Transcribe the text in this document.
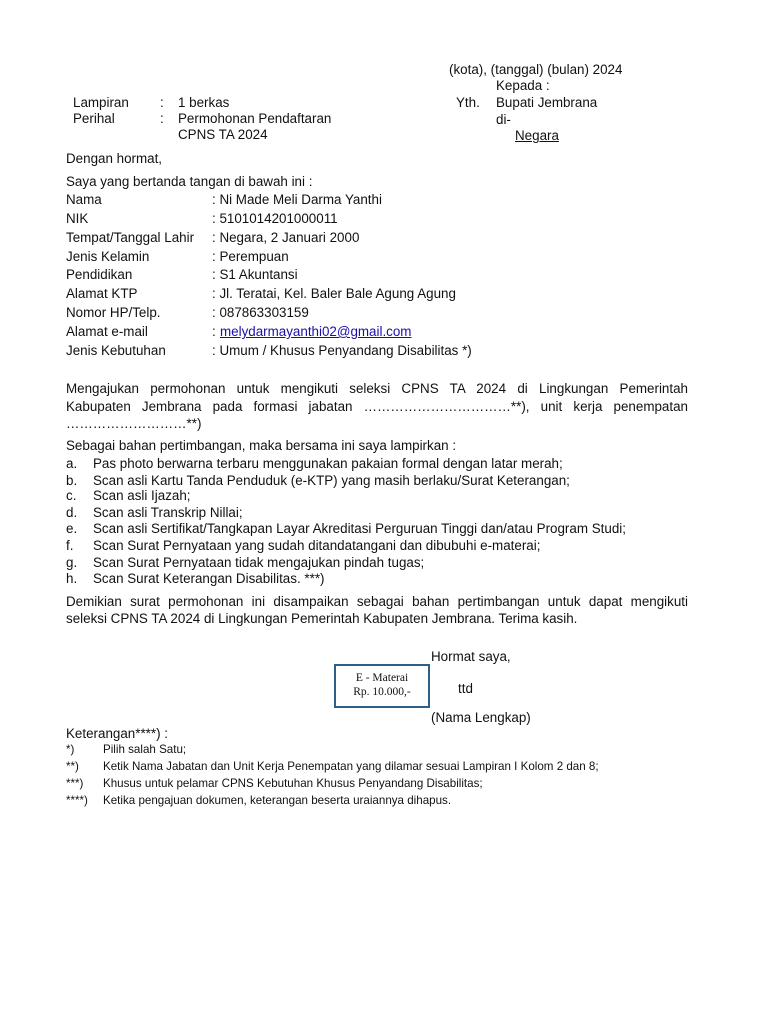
(kota), (tanggal) (bulan) 2024
Kepada :
Yth. Bupati Jembrana
di-
Negara
Lampiran : 1 berkas
Perihal	: Permohonan Pendaftaran
CPNS TA 2024
Dengan hormat,
Saya yang bertanda tangan di bawah ini :
Nama	: Ni Made Meli Darma Yanthi
NIK	: 5101014201000011
Tempat/Tanggal Lahir : Negara, 2 Januari 2000
Jenis Kelamin	: Perempuan
Pendidikan	: S1 Akuntansi
Alamat KTP	: Jl. Teratai, Kel. Baler Bale Agung Agung
Nomor HP/Telp.	: 087863303159
Alamat e-mail	: melydarmayanthi02@gmail.com
Jenis Kebutuhan	: Umum / Khusus Penyandang Disabilitas *)
Mengajukan permohonan untuk mengikuti seleksi CPNS TA 2024 di Lingkungan Pemerintah
Kabupaten Jembrana pada formasi jabatan ……………………………**), unit kerja penempatan
………………………**)
Sebagai bahan pertimbangan, maka bersama ini saya lampirkan :
a. Pas photo berwarna terbaru menggunakan pakaian formal dengan latar merah;
b. Scan asli Kartu Tanda Penduduk (e-KTP) yang masih berlaku/Surat Keterangan;
c. Scan asli Ijazah;
d. Scan asli Transkrip Nillai;
e. Scan asli Sertifikat/Tangkapan Layar Akreditasi Perguruan Tinggi dan/atau Program Studi;
f. Scan Surat Pernyataan yang sudah ditandatangani dan dibubuhi e-materai;
g. Scan Surat Pernyataan tidak mengajukan pindah tugas;
h. Scan Surat Keterangan Disabilitas. ***)
Demikian surat permohonan ini disampaikan sebagai bahan pertimbangan untuk dapat mengikuti
seleksi CPNS TA 2024 di Lingkungan Pemerintah Kabupaten Jembrana. Terima kasih.
Hormat saya,
E - Materai
Rp. 10.000,-	ttd
(Nama Lengkap)
Keterangan****) :
*) Pilih salah Satu;
**) Ketik Nama Jabatan dan Unit Kerja Penempatan yang dilamar sesuai Lampiran I Kolom 2 dan 8;
***) Khusus untuk pelamar CPNS Kebutuhan Khusus Penyandang Disabilitas;
****) Ketika pengajuan dokumen, keterangan beserta uraiannya dihapus.
